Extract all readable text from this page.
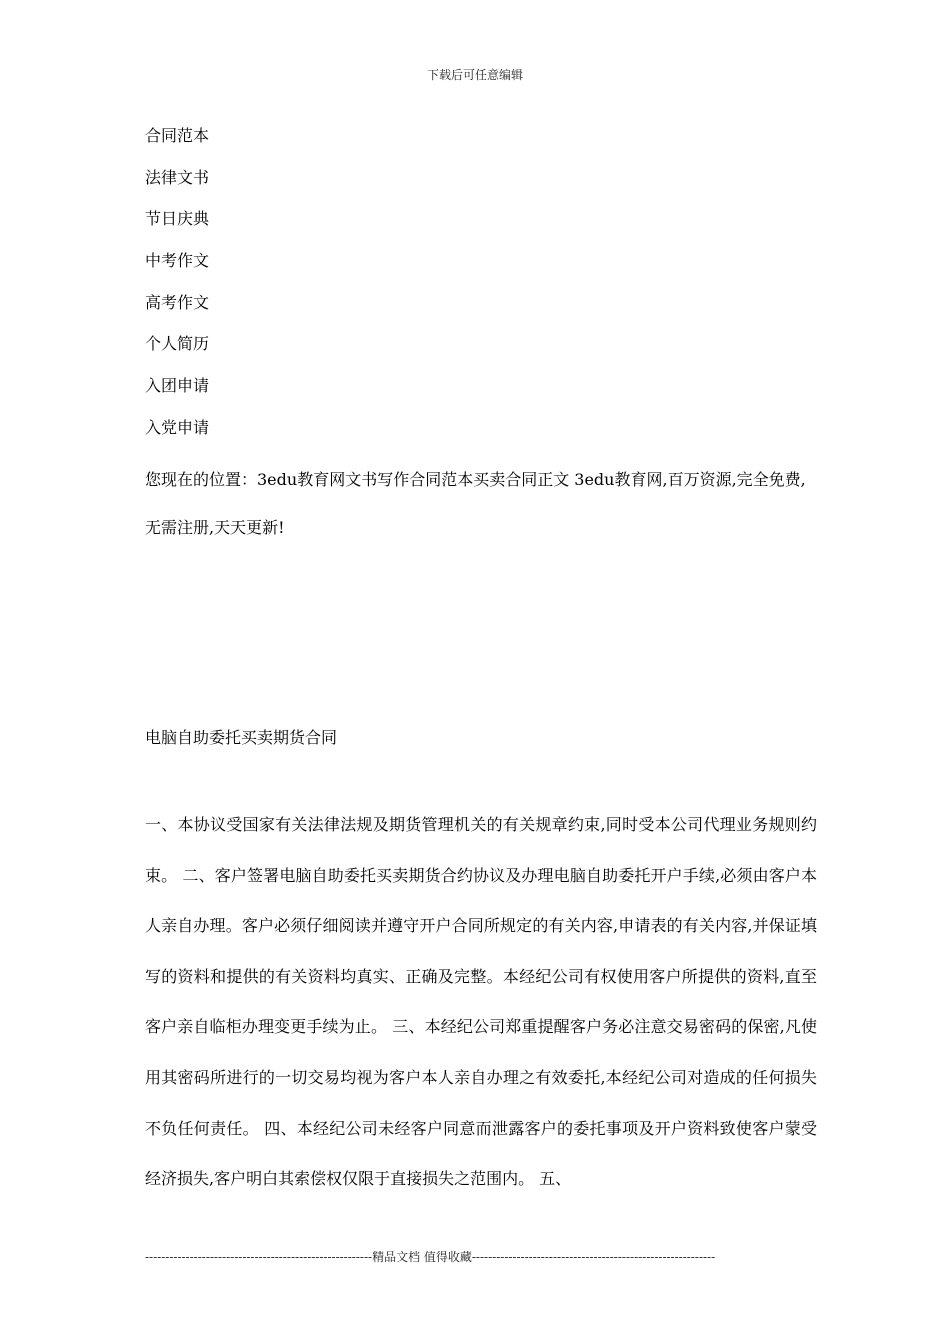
下载后可任意编辑
合同范本
法律文书
节日庆典
中考作文
高考作文
个人简历
入团申请
入党申请

您现在的位置：3edu教育网文书写作合同范本买卖合同正文 3edu教育网,百万资源,完全免费,无需注册,天天更新!

电脑自助委托买卖期货合同

一、本协议受国家有关法律法规及期货管理机关的有关规章约束,同时受本公司代理业务规则约束。 二、客户签署电脑自助委托买卖期货合约协议及办理电脑自助委托开户手续,必须由客户本人亲自办理。客户必须仔细阅读并遵守开户合同所规定的有关内容,申请表的有关内容,并保证填写的资料和提供的有关资料均真实、正确及完整。本经纪公司有权使用客户所提供的资料,直至客户亲自临柜办理变更手续为止。 三、本经纪公司郑重提醒客户务必注意交易密码的保密,凡使用其密码所进行的一切交易均视为客户本人亲自办理之有效委托,本经纪公司对造成的任何损失不负任何责任。 四、本经纪公司未经客户同意而泄露客户的委托事项及开户资料致使客户蒙受经济损失,客户明白其索偿权仅限于直接损失之范围内。 五、

--------------------------------------------------------精品文档 值得收藏------------------------------------------------------------
